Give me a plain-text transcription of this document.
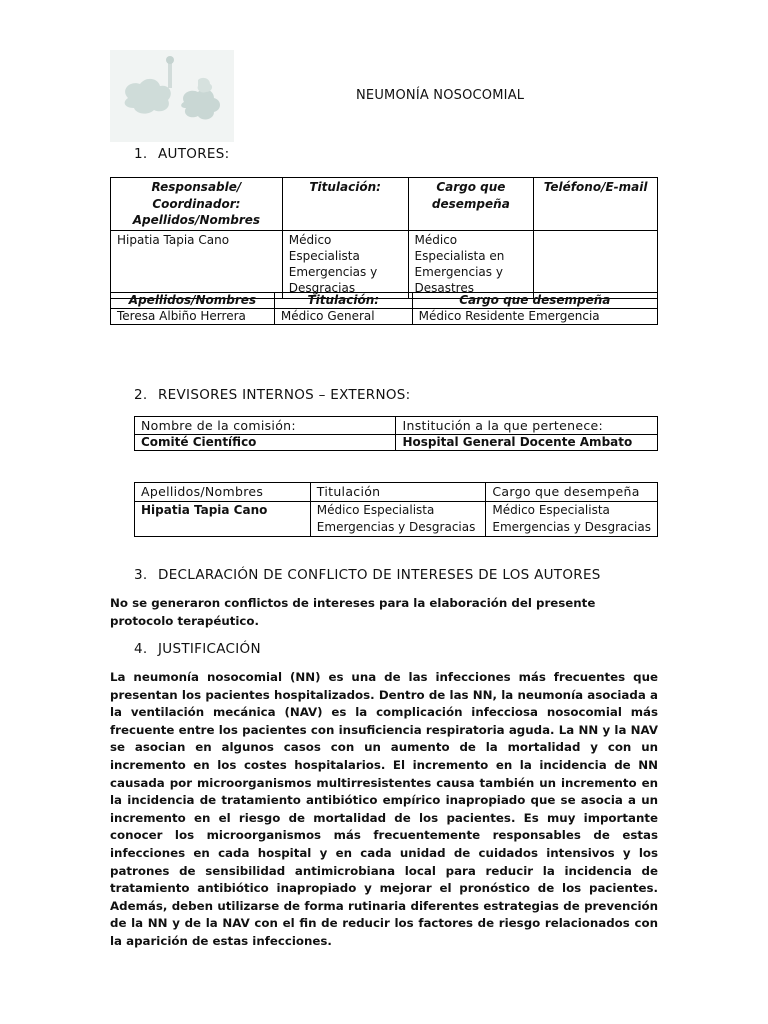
NEUMONÍA NOSOCOMIAL
1. AUTORES:
Responsable/ Coordinador: Apellidos/Nombres	Titulación:	Cargo que desempeña	Teléfono/E-mail
Hipatia Tapia Cano	Médico Especialista Emergencias y Desgracias	Médico Especialista en Emergencias y Desastres	
Apellidos/Nombres	Titulación:	Cargo que desempeña
Teresa Albiño Herrera	Médico General	Médico Residente Emergencia
2. REVISORES INTERNOS – EXTERNOS:
Nombre de la comisión:	Institución a la que pertenece:
Comité Científico	Hospital General Docente Ambato
Apellidos/Nombres	Titulación	Cargo que desempeña
Hipatia Tapia Cano	Médico Especialista Emergencias y Desgracias	Médico Especialista
Emergencias y Desgracias
3. DECLARACIÓN DE CONFLICTO DE INTERESES DE LOS AUTORES
No se generaron conflictos de intereses para la elaboración del presente protocolo terapéutico.
4. JUSTIFICACIÓN
La neumonía nosocomial (NN) es una de las infecciones más frecuentes que presentan los pacientes hospitalizados. Dentro de las NN, la neumonía asociada a la ventilación mecánica (NAV) es la complicación infecciosa nosocomial más frecuente entre los pacientes con insuficiencia respiratoria aguda. La NN y la NAV se asocian en algunos casos con un aumento de la mortalidad y con un incremento en los costes hospitalarios. El incremento en la incidencia de NN causada por microorganismos multirresistentes causa también un incremento en la incidencia de tratamiento antibiótico empírico inapropiado que se asocia a un incremento en el riesgo de mortalidad de los pacientes. Es muy importante conocer los microorganismos más frecuentemente responsables de estas infecciones en cada hospital y en cada unidad de cuidados intensivos y los patrones de sensibilidad antimicrobiana local para reducir la incidencia de tratamiento antibiótico inapropiado y mejorar el pronóstico de los pacientes. Además, deben utilizarse de forma rutinaria diferentes estrategias de prevención de la NN y de la NAV con el fin de reducir los factores de riesgo relacionados con la aparición de estas infecciones.
